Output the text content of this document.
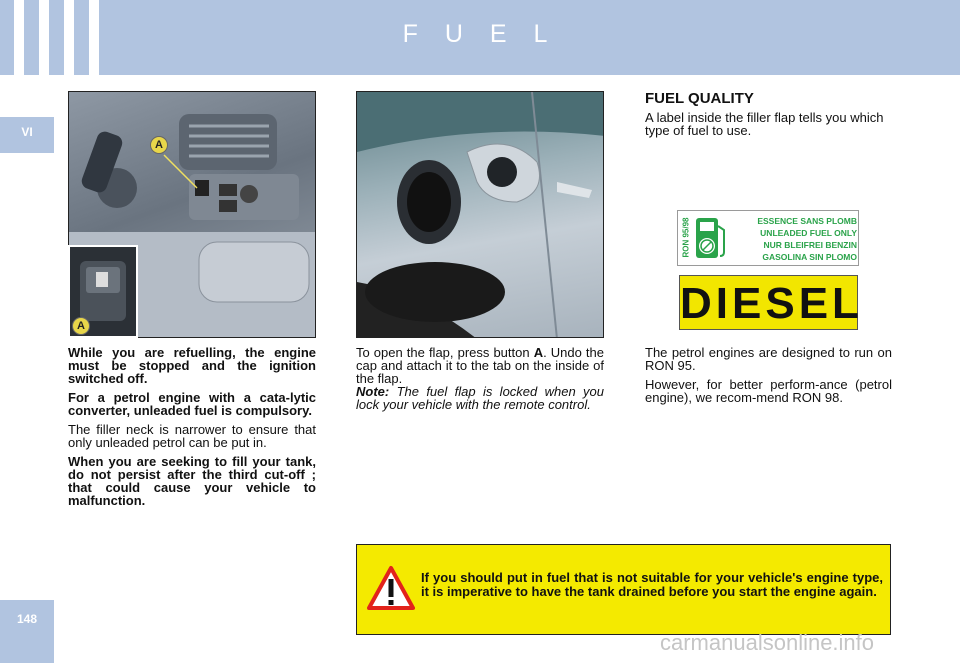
F U E L
VI
148
A
A

While you are refuelling, the engine must be stopped and the ignition switched off.

For a petrol engine with a cata-lytic converter, unleaded fuel is compulsory.

The filler neck is narrower to ensure that only unleaded petrol can be put in.

When you are seeking to fill your tank, do not persist after the third cut-off ; that could cause your vehicle to malfunction.

To open the flap, press button A. Undo the cap and attach it to the tab on the inside of the flap.
Note: The fuel flap is locked when you lock your vehicle with the remote control.

FUEL QUALITY

A label inside the filler flap tells you which type of fuel to use.

RON 95/98	ESSENCE SANS PLOMB
UNLEADED FUEL ONLY
NUR BLEIFREI BENZIN
GASOLINA SIN PLOMO
DIESEL

The petrol engines are designed to run on RON 95.

However, for better perform-ance (petrol engine), we recom-mend RON 98.

If you should put in fuel that is not suitable for your vehicle's engine type, it is imperative to have the tank drained before you start the engine again.
carmanualsonline.info
